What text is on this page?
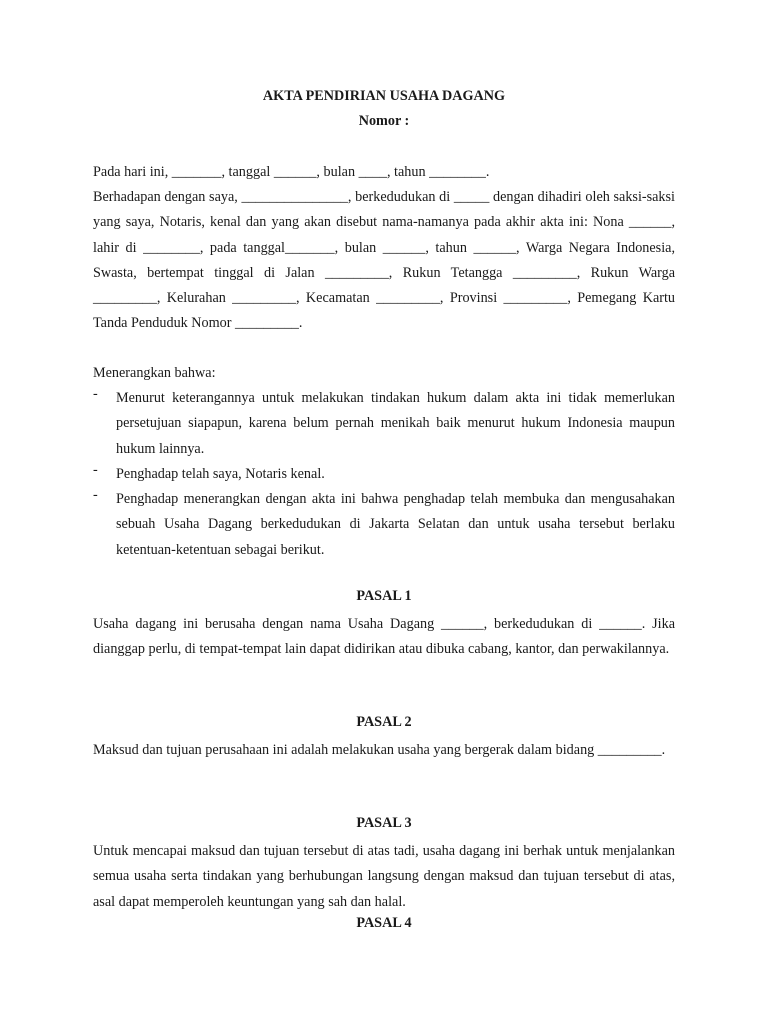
AKTA PENDIRIAN USAHA DAGANG
Nomor :
Pada hari ini, _______, tanggal ______, bulan ____, tahun ________.
Berhadapan dengan saya, _______________, berkedudukan di _____ dengan dihadiri oleh saksi-saksi yang saya, Notaris, kenal dan yang akan disebut nama-namanya pada akhir akta ini: Nona ______, lahir di ________, pada tanggal_______, bulan ______, tahun ______, Warga Negara Indonesia, Swasta, bertempat tinggal di Jalan _________, Rukun Tetangga _________, Rukun Warga _________, Kelurahan _________, Kecamatan _________, Provinsi _________, Pemegang Kartu Tanda Penduduk Nomor _________.
Menerangkan bahwa:
- Menurut keterangannya untuk melakukan tindakan hukum dalam akta ini tidak memerlukan persetujuan siapapun, karena belum pernah menikah baik menurut hukum Indonesia maupun hukum lainnya.
- Penghadap telah saya, Notaris kenal.
- Penghadap menerangkan dengan akta ini bahwa penghadap telah membuka dan mengusahakan sebuah Usaha Dagang berkedudukan di Jakarta Selatan dan untuk usaha tersebut berlaku ketentuan-ketentuan sebagai berikut.
PASAL 1
Usaha dagang ini berusaha dengan nama Usaha Dagang ______, berkedudukan di ______. Jika dianggap perlu, di tempat-tempat lain dapat didirikan atau dibuka cabang, kantor, dan perwakilannya.
PASAL 2
Maksud dan tujuan perusahaan ini adalah melakukan usaha yang bergerak dalam bidang _________.
PASAL 3
Untuk mencapai maksud dan tujuan tersebut di atas tadi, usaha dagang ini berhak untuk menjalankan semua usaha serta tindakan yang berhubungan langsung dengan maksud dan tujuan tersebut di atas, asal dapat memperoleh keuntungan yang sah dan halal.
PASAL 4
